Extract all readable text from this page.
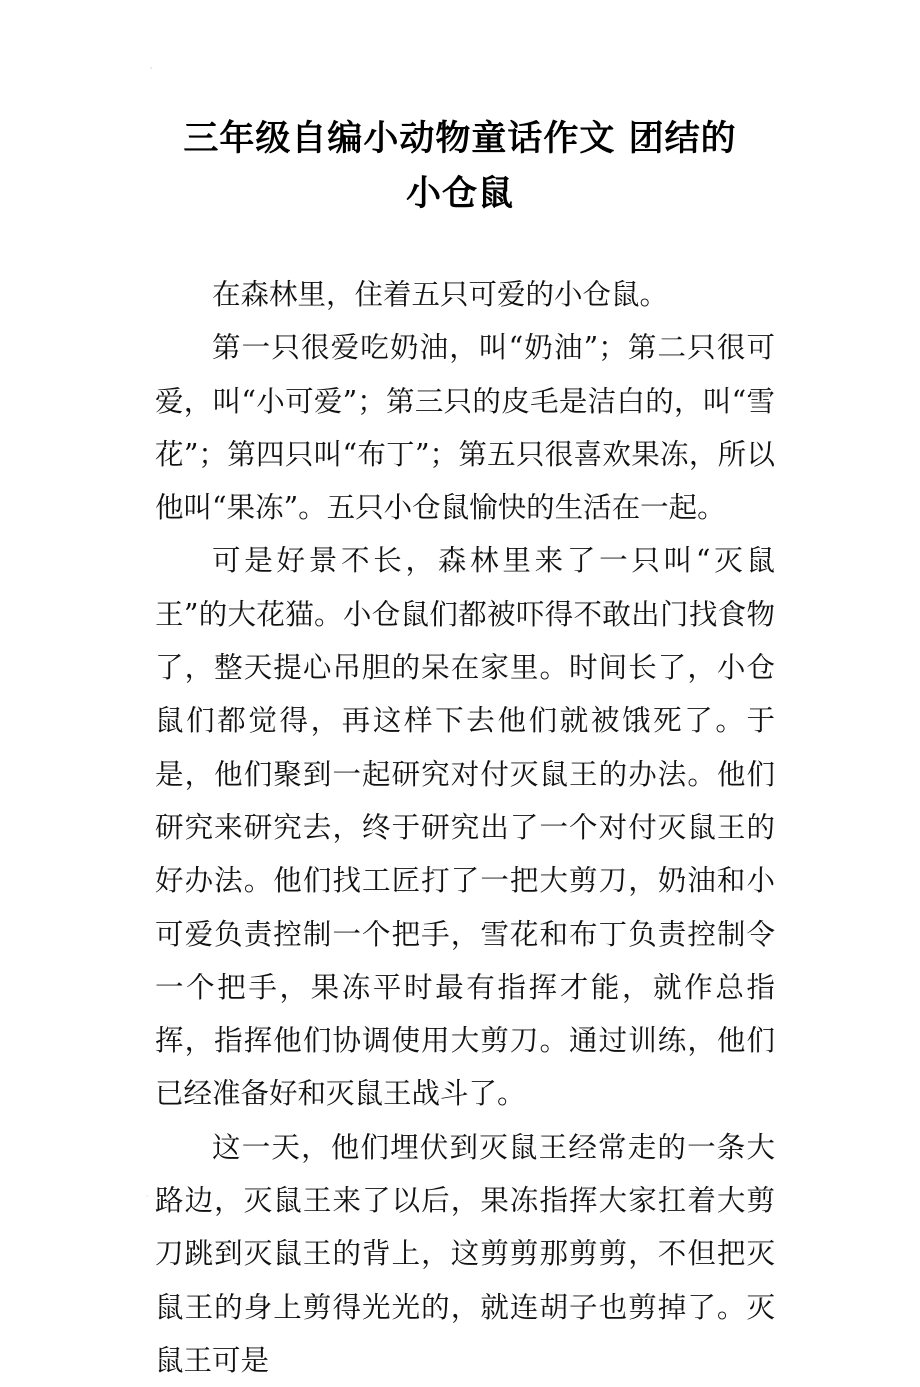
'
三年级自编小动物童话作文 团结的
小仓鼠

在森林里，住着五只可爱的小仓鼠。

第一只很爱吃奶油，叫“奶油”；第二只很可爱，叫“小可爱”；第三只的皮毛是洁白的，叫“雪花”；第四只叫“布丁”；第五只很喜欢果冻，所以他叫“果冻”。五只小仓鼠愉快的生活在一起。

可是好景不长，森林里来了一只叫“灭鼠王”的大花猫。小仓鼠们都被吓得不敢出门找食物了，整天提心吊胆的呆在家里。时间长了，小仓鼠们都觉得，再这样下去他们就被饿死了。于是，他们聚到一起研究对付灭鼠王的办法。他们研究来研究去，终于研究出了一个对付灭鼠王的好办法。他们找工匠打了一把大剪刀，奶油和小可爱负责控制一个把手，雪花和布丁负责控制令一个把手，果冻平时最有指挥才能，就作总指挥，指挥他们协调使用大剪刀。通过训练，他们已经准备好和灭鼠王战斗了。

这一天，他们埋伏到灭鼠王经常走的一条大路边，灭鼠王来了以后，果冻指挥大家扛着大剪刀跳到灭鼠王的背上，这剪剪那剪剪，不但把灭鼠王的身上剪得光光的，就连胡子也剪掉了。灭鼠王可是

·
